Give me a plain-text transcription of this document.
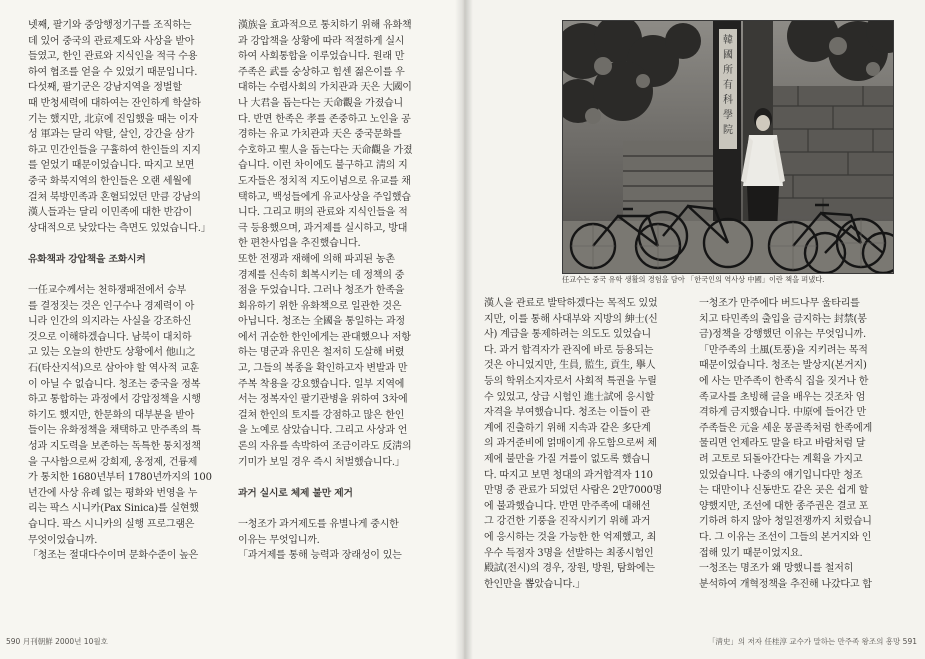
넷째, 팔기와 중앙행정기구를 조직하는
데 있어 중국의 관료제도와 사상을 받아
들였고, 한인 관료와 지식인을 적극 수용
하여 협조를 얻을 수 있었기 때문입니다.
다섯째, 팔기군은 강남지역을 정벌할
때 반청세력에 대하여는 잔인하게 학살하
기는 했지만, 北京에 진입했을 때는 이자
성 軍과는 달리 약탈, 살인, 강간을 삼가
하고 민간인들을 구휼하여 한인들의 지지
를 얻었기 때문이었습니다. 따지고 보면
중국 화북지역의 한인들은 오랜 세월에
걸쳐 북방민족과 혼혈되었던 만큼 강남의
漢人들과는 달리 이민족에 대한 반감이
상대적으로 낮았다는 측면도 있었습니다.」
유화책과 강압책을 조화시켜
一任교수께서는 천하쟁패전에서 승부
를 결정짓는 것은 인구수나 경제력이 아
니라 인간의 의지라는 사실을 강조하신
것으로 이해하겠습니다. 남북이 대치하
고 있는 오늘의 한반도 상황에서 他山之
石(타산지석)으로 삼아야 할 역사적 교훈
이 아닐 수 없습니다. 청조는 중국을 정복
하고 통합하는 과정에서 강압정책을 시행
하기도 했지만, 한문화의 대부분을 받아
들이는 유화정책을 채택하고 만주족의 특
성과 지도력을 보존하는 독특한 통치정책
을 구사함으로써 강희제, 옹정제, 건륭제
가 통치한 1680년부터 1780년까지의 100
년간에 사상 유례 없는 평화와 번영을 누
리는 팍스 시니카(Pax Sinica)를 실현했
습니다. 팍스 시니카의 실행 프로그램은
무엇이었습니까.
「청조는 절대다수이며 문화수준이 높은
漢族을 효과적으로 통치하기 위해 유화책
과 강압책을 상황에 따라 적절하게 실시
하여 사회통합을 이루었습니다. 원래 만
주족은 武를 숭상하고 힘센 젊은이를 우
대하는 수렵사회의 가치관과 天은 大國이
나 大君을 돕는다는 天命觀을 가졌습니
다. 반면 한족은 孝를 존중하고 노인을 공
경하는 유교 가치관과 天은 중국문화를
수호하고 聖人을 돕는다는 天命觀을 가졌
습니다. 이런 차이에도 불구하고 淸의 지
도자들은 정치적 지도이념으로 유교를 채
택하고, 백성들에게 유교사상을 주입했습
니다. 그리고 明의 관료와 지식인들을 적
극 등용했으며, 과거제를 실시하고, 방대
한 편찬사업을 추진했습니다.
또한 전쟁과 재해에 의해 파괴된 농촌
경제를 신속히 회복시키는 데 정책의 중
점을 두었습니다. 그러나 청조가 한족을
회유하기 위한 유화책으로 일관한 것은
아닙니다. 청조는 全國을 통일하는 과정
에서 귀순한 한인에게는 관대했으나 저항
하는 명군과 유민은 철저히 도살해 버렸
고, 그들의 복종을 확인하고자 변발과 만
주복 착용을 강요했습니다. 일부 지역에
서는 정복자인 팔기관병을 위하여 3차에
걸쳐 한인의 토지를 강점하고 많은 한인
을 노예로 삼았습니다. 그리고 사상과 언
론의 자유를 속박하여 조금이라도 反淸의
기미가 보일 경우 즉시 처벌했습니다.」
과거 실시로 체제 불만 제거
一청조가 과거제도를 유별나게 중시한
이유는 무엇입니까.
「과거제를 통해 능력과 장래성이 있는
590 月刊朝鮮 2000년 10월호
韓國所有科學院
任교수는 중국 유학 생활의 경험을 담아 「한국인의 역사상 中國」이란 책을 펴냈다.
漢人을 관료로 발탁하겠다는 목적도 있었
지만, 이를 통해 사대부와 지방의 紳士(신
사) 계급을 통제하려는 의도도 있었습니
다. 과거 합격자가 관직에 바로 등용되는
것은 아니었지만, 生員, 監生, 貢生, 擧人
등의 학위소지자로서 사회적 특권을 누릴
수 있었고, 상급 시험인 進士試에 응시할
자격을 부여했습니다. 청조는 이들이 관
계에 진출하기 위해 지속과 같은 多단계
의 과거준비에 얽매이게 유도함으로써 체
제에 불만을 가질 겨를이 없도록 했습니
다. 따지고 보면 청대의 과거합격자 110
만명 중 관료가 되었던 사람은 2만7000명
에 불과했습니다. 반면 만주족에 대해선
그 강건한 기풍을 진작시키기 위해 과거
에 응시하는 것을 가능한 한 억제했고, 최
우수 득점자 3명을 선발하는 최종시험인
殿試(전시)의 경우, 장원, 방원, 탐화에는
한인만을 뽑았습니다.」
一청조가 만주에다 버드나무 울타리를
치고 타민족의 출입을 금지하는 封禁(봉
금)정책을 강행했던 이유는 무엇입니까.
「만주족의 土風(토풍)을 지키려는 목적
때문이었습니다. 청조는 발상지(본거지)
에 사는 만주족이 한족식 집을 짓거나 한
족교사를 초빙해 글을 배우는 것조차 엄
격하게 금지했습니다. 中原에 들어간 만
주족들은 元을 세운 몽골족처럼 한족에게
물리면 언제라도 말을 타고 바람처럼 달
려 고토로 되돌아간다는 계획을 가지고
있었습니다. 나중의 얘기입니다만 청조
는 대만이나 신동반도 같은 곳은 쉽게 할
양했지만, 조선에 대한 종주권은 결코 포
기하려 하지 않아 청일전쟁까지 치렀습니
다. 그 이유는 조선이 그들의 본거지와 인
접해 있기 때문이었지요.
一청조는 명조가 왜 망했니를 철저히
분석하여 개혁정책을 추진해 나갔다고 합
「淸史」의 저자 任桂淳 교수가 말하는 만주족 왕조의 흥망 591
